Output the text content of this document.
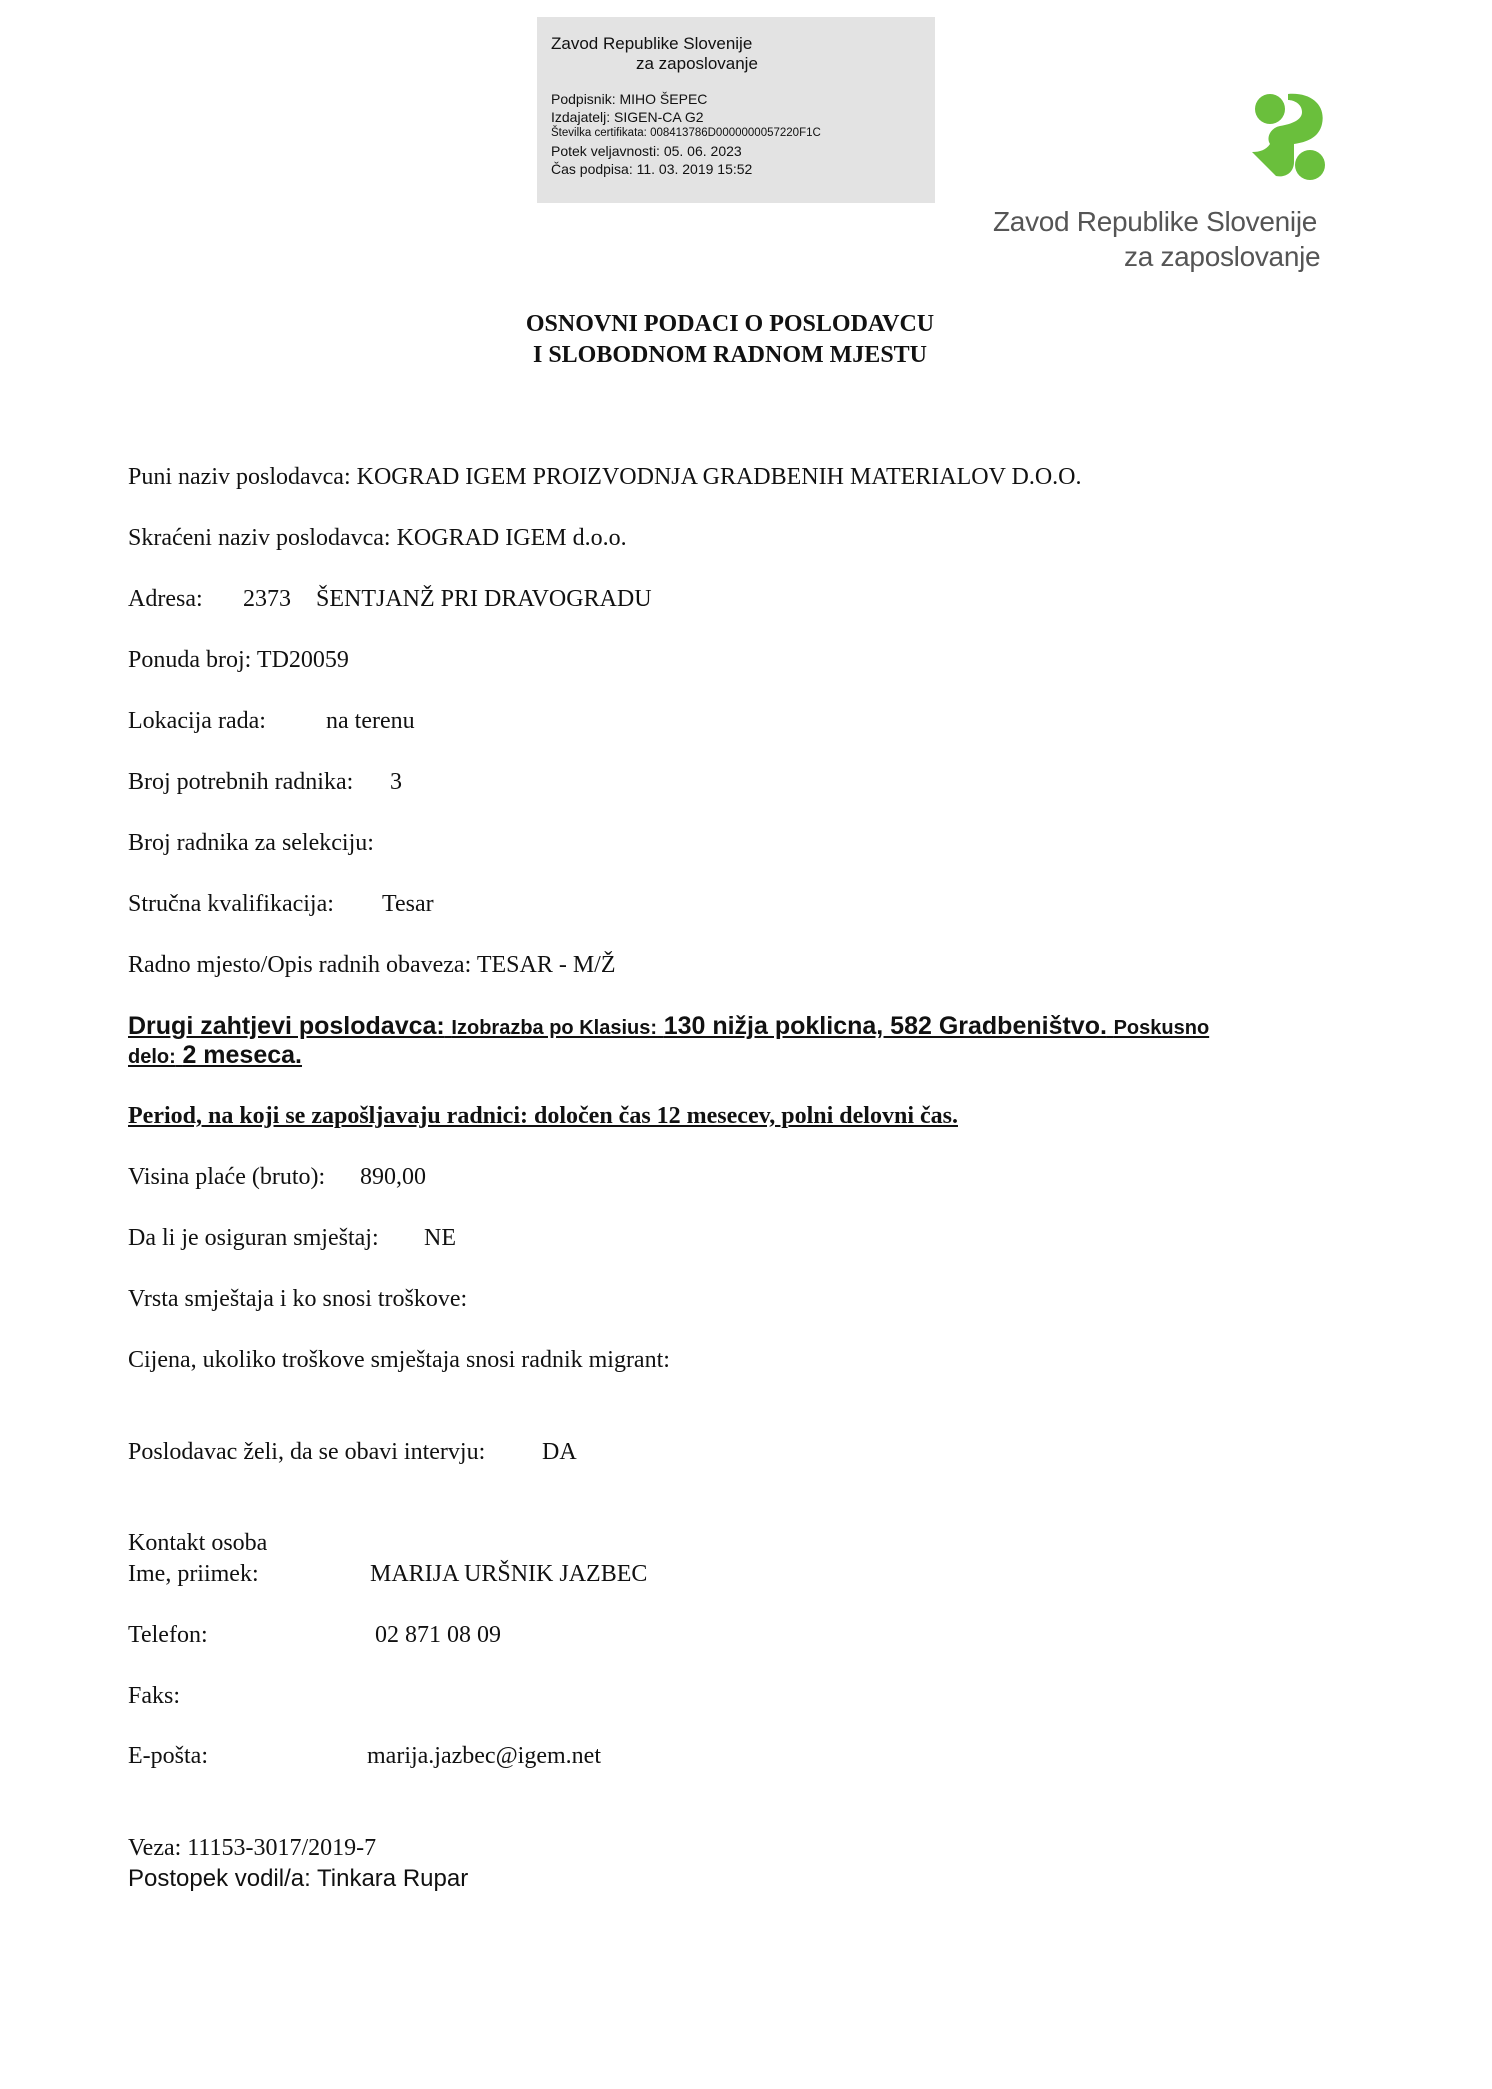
Zavod Republike Slovenije
za zaposlovanje
Podpisnik: MIHO ŠEPEC
Izdajatelj: SIGEN-CA G2
Številka certifikata: 008413786D0000000057220F1C
Potek veljavnosti: 05. 06. 2023
Čas podpisa: 11. 03. 2019 15:52
Zavod Republike Slovenije
za zaposlovanje
OSNOVNI PODACI O POSLODAVCU
I SLOBODNOM RADNOM MJESTU
Puni naziv poslodavca: KOGRAD IGEM PROIZVODNJA GRADBENIH MATERIALOV D.O.O.
Skraćeni naziv poslodavca: KOGRAD IGEM d.o.o.
Adresa: 2373 ŠENTJANŽ PRI DRAVOGRADU
Ponuda broj: TD20059
Lokacija rada:	na terenu
Broj potrebnih radnika: 3
Broj radnika za selekciju:
Stručna kvalifikacija: Tesar
Radno mjesto/Opis radnih obaveza: TESAR - M/Ž
Drugi zahtjevi poslodavca: Izobrazba po Klasius: 130 nižja poklicna, 582 Gradbeništvo. Poskusno
delo: 2 meseca.
Period, na koji se zapošljavaju radnici: določen čas 12 mesecev, polni delovni čas.
Visina plaće (bruto): 890,00
Da li je osiguran smještaj: NE
Vrsta smještaja i ko snosi troškove:
Cijena, ukoliko troškove smještaja snosi radnik migrant:
Poslodavac želi, da se obavi intervju: DA
Kontakt osoba
Ime, priimek:	MARIJA URŠNIK JAZBEC
Telefon:	02 871 08 09
Faks:
E-pošta:	marija.jazbec@igem.net
Veza: 11153-3017/2019-7
Postopek vodil/a: Tinkara Rupar
